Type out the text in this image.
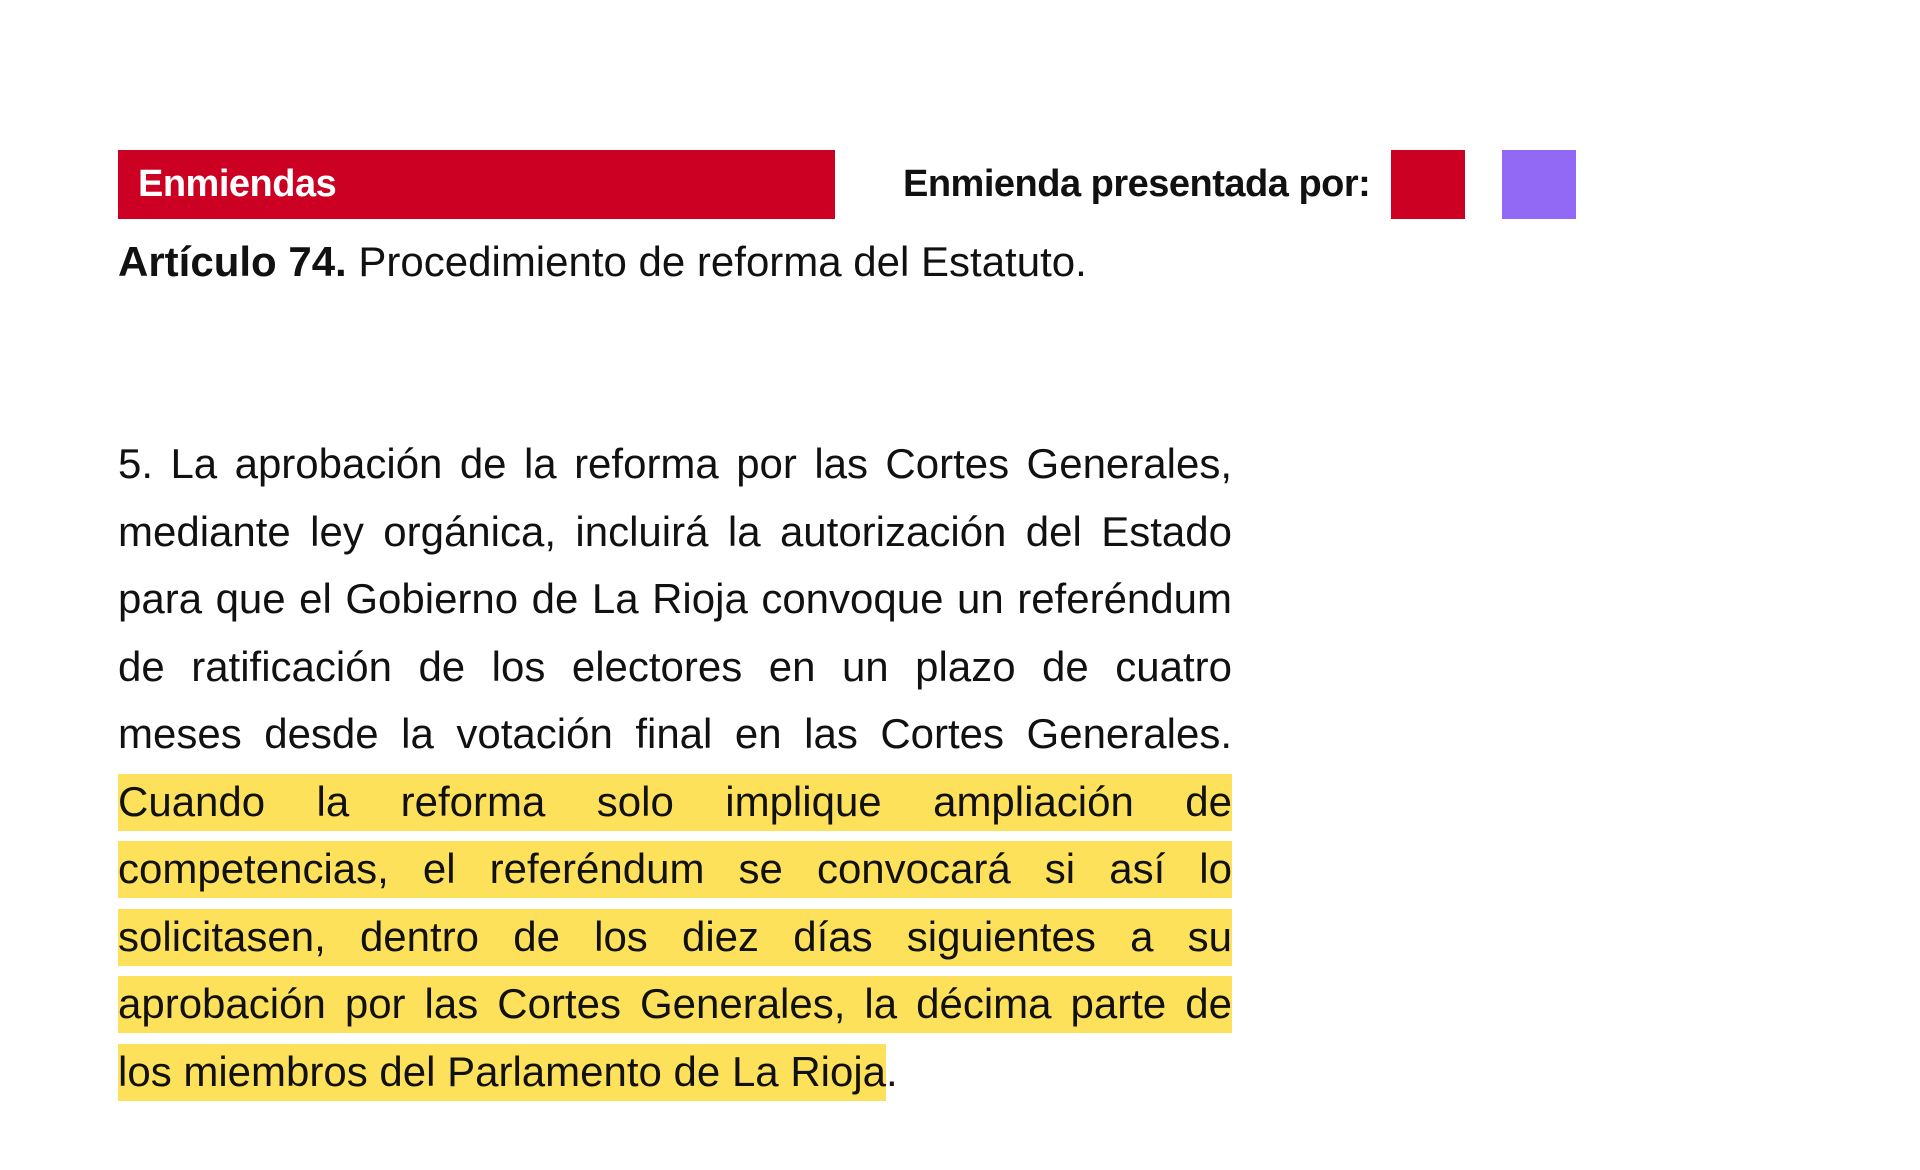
Enmiendas	Enmienda presentada por:
Artículo 74. Procedimiento de reforma del Estatuto.
5. La aprobación de la reforma por las Cortes Generales, mediante ley orgánica, incluirá la autorización del Estado para que el Gobierno de La Rioja convoque un referéndum de ratificación de los electores en un plazo de cuatro meses desde la votación final en las Cortes Generales. Cuando la reforma solo implique ampliación de competencias, el referéndum se convocará si así lo solicitasen, dentro de los diez días siguientes a su aprobación por las Cortes Generales, la décima parte de los miembros del Parlamento de La Rioja.
